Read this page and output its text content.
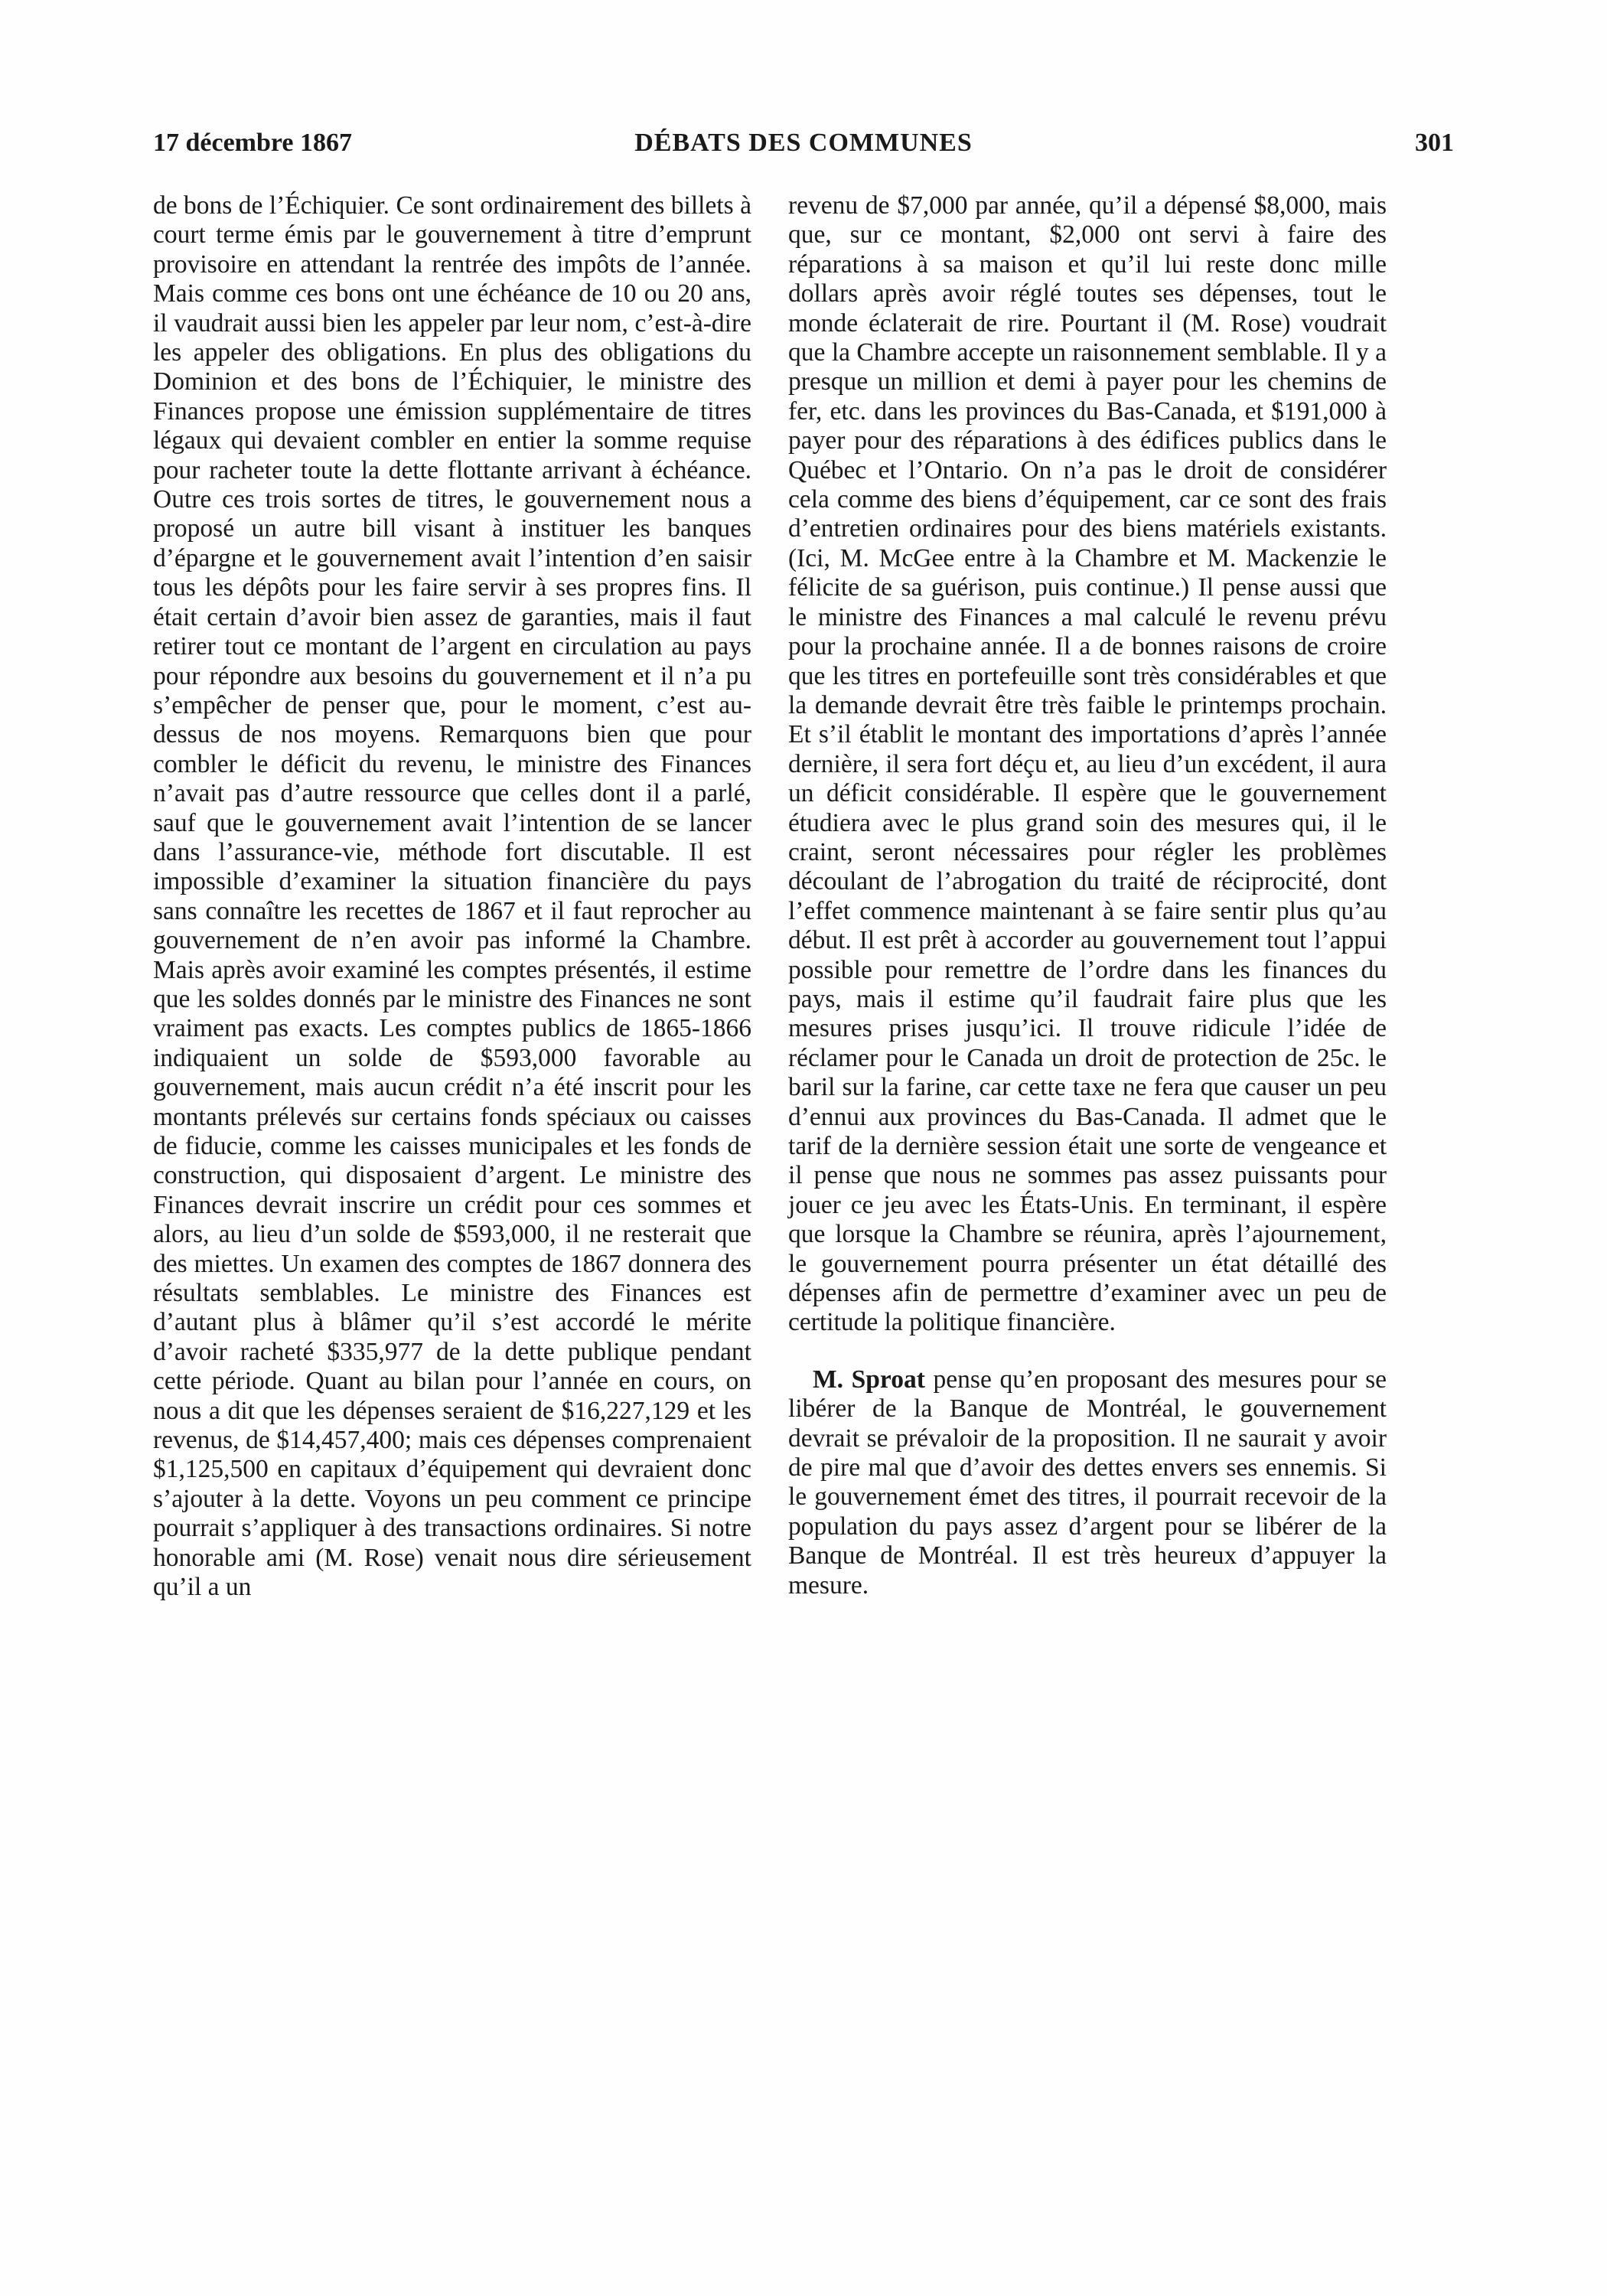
17 décembre 1867	DÉBATS DES COMMUNES	301

de bons de l’Échiquier. Ce sont ordinairement des billets à court terme émis par le gouvernement à titre d’emprunt provisoire en attendant la rentrée des impôts de l’année. Mais comme ces bons ont une échéance de 10 ou 20 ans, il vaudrait aussi bien les appeler par leur nom, c’est-à-dire les appeler des obligations. En plus des obligations du Dominion et des bons de l’Échiquier, le ministre des Finances propose une émission supplémentaire de titres légaux qui devaient combler en entier la somme requise pour racheter toute la dette flottante arrivant à échéance. Outre ces trois sortes de titres, le gouvernement nous a proposé un autre bill visant à instituer les banques d’épargne et le gouvernement avait l’intention d’en saisir tous les dépôts pour les faire servir à ses propres fins. Il était certain d’avoir bien assez de garanties, mais il faut retirer tout ce montant de l’argent en circulation au pays pour répondre aux besoins du gouvernement et il n’a pu s’empêcher de penser que, pour le moment, c’est au-dessus de nos moyens. Remarquons bien que pour combler le déficit du revenu, le ministre des Finances n’avait pas d’autre ressource que celles dont il a parlé, sauf que le gouvernement avait l’intention de se lancer dans l’assurance-vie, méthode fort discutable. Il est impossible d’examiner la situation financière du pays sans connaître les recettes de 1867 et il faut reprocher au gouvernement de n’en avoir pas informé la Chambre. Mais après avoir examiné les comptes présentés, il estime que les soldes donnés par le ministre des Finances ne sont vraiment pas exacts. Les comptes publics de 1865-1866 indiquaient un solde de $593,000 favorable au gouvernement, mais aucun crédit n’a été inscrit pour les montants prélevés sur certains fonds spéciaux ou caisses de fiducie, comme les caisses municipales et les fonds de construction, qui disposaient d’argent. Le ministre des Finances devrait inscrire un crédit pour ces sommes et alors, au lieu d’un solde de $593,000, il ne resterait que des miettes. Un examen des comptes de 1867 donnera des résultats semblables. Le ministre des Finances est d’autant plus à blâmer qu’il s’est accordé le mérite d’avoir racheté $335,977 de la dette publique pendant cette période. Quant au bilan pour l’année en cours, on nous a dit que les dépenses seraient de $16,227,129 et les revenus, de $14,457,400; mais ces dépenses comprenaient $1,125,500 en capitaux d’équipement qui devraient donc s’ajouter à la dette. Voyons un peu comment ce principe pourrait s’appliquer à des transactions ordinaires. Si notre honorable ami (M. Rose) venait nous dire sérieusement qu’il a un

revenu de $7,000 par année, qu’il a dépensé $8,000, mais que, sur ce montant, $2,000 ont servi à faire des réparations à sa maison et qu’il lui reste donc mille dollars après avoir réglé toutes ses dépenses, tout le monde éclaterait de rire. Pourtant il (M. Rose) voudrait que la Chambre accepte un raisonnement semblable. Il y a presque un million et demi à payer pour les chemins de fer, etc. dans les provinces du Bas-Canada, et $191,000 à payer pour des réparations à des édifices publics dans le Québec et l’Ontario. On n’a pas le droit de considérer cela comme des biens d’équipement, car ce sont des frais d’entretien ordinaires pour des biens matériels existants. (Ici, M. McGee entre à la Chambre et M. Mackenzie le félicite de sa guérison, puis continue.) Il pense aussi que le ministre des Finances a mal calculé le revenu prévu pour la prochaine année. Il a de bonnes raisons de croire que les titres en portefeuille sont très considérables et que la demande devrait être très faible le printemps prochain. Et s’il établit le montant des importations d’après l’année dernière, il sera fort déçu et, au lieu d’un excédent, il aura un déficit considérable. Il espère que le gouvernement étudiera avec le plus grand soin des mesures qui, il le craint, seront nécessaires pour régler les problèmes découlant de l’abrogation du traité de réciprocité, dont l’effet commence maintenant à se faire sentir plus qu’au début. Il est prêt à accorder au gouvernement tout l’appui possible pour remettre de l’ordre dans les finances du pays, mais il estime qu’il faudrait faire plus que les mesures prises jusqu’ici. Il trouve ridicule l’idée de réclamer pour le Canada un droit de protection de 25c. le baril sur la farine, car cette taxe ne fera que causer un peu d’ennui aux provinces du Bas-Canada. Il admet que le tarif de la dernière session était une sorte de vengeance et il pense que nous ne sommes pas assez puissants pour jouer ce jeu avec les États-Unis. En terminant, il espère que lorsque la Chambre se réunira, après l’ajournement, le gouvernement pourra présenter un état détaillé des dépenses afin de permettre d’examiner avec un peu de certitude la politique financière.

M. Sproat pense qu’en proposant des mesures pour se libérer de la Banque de Montréal, le gouvernement devrait se prévaloir de la proposition. Il ne saurait y avoir de pire mal que d’avoir des dettes envers ses ennemis. Si le gouvernement émet des titres, il pourrait recevoir de la population du pays assez d’argent pour se libérer de la Banque de Montréal. Il est très heureux d’appuyer la mesure.
